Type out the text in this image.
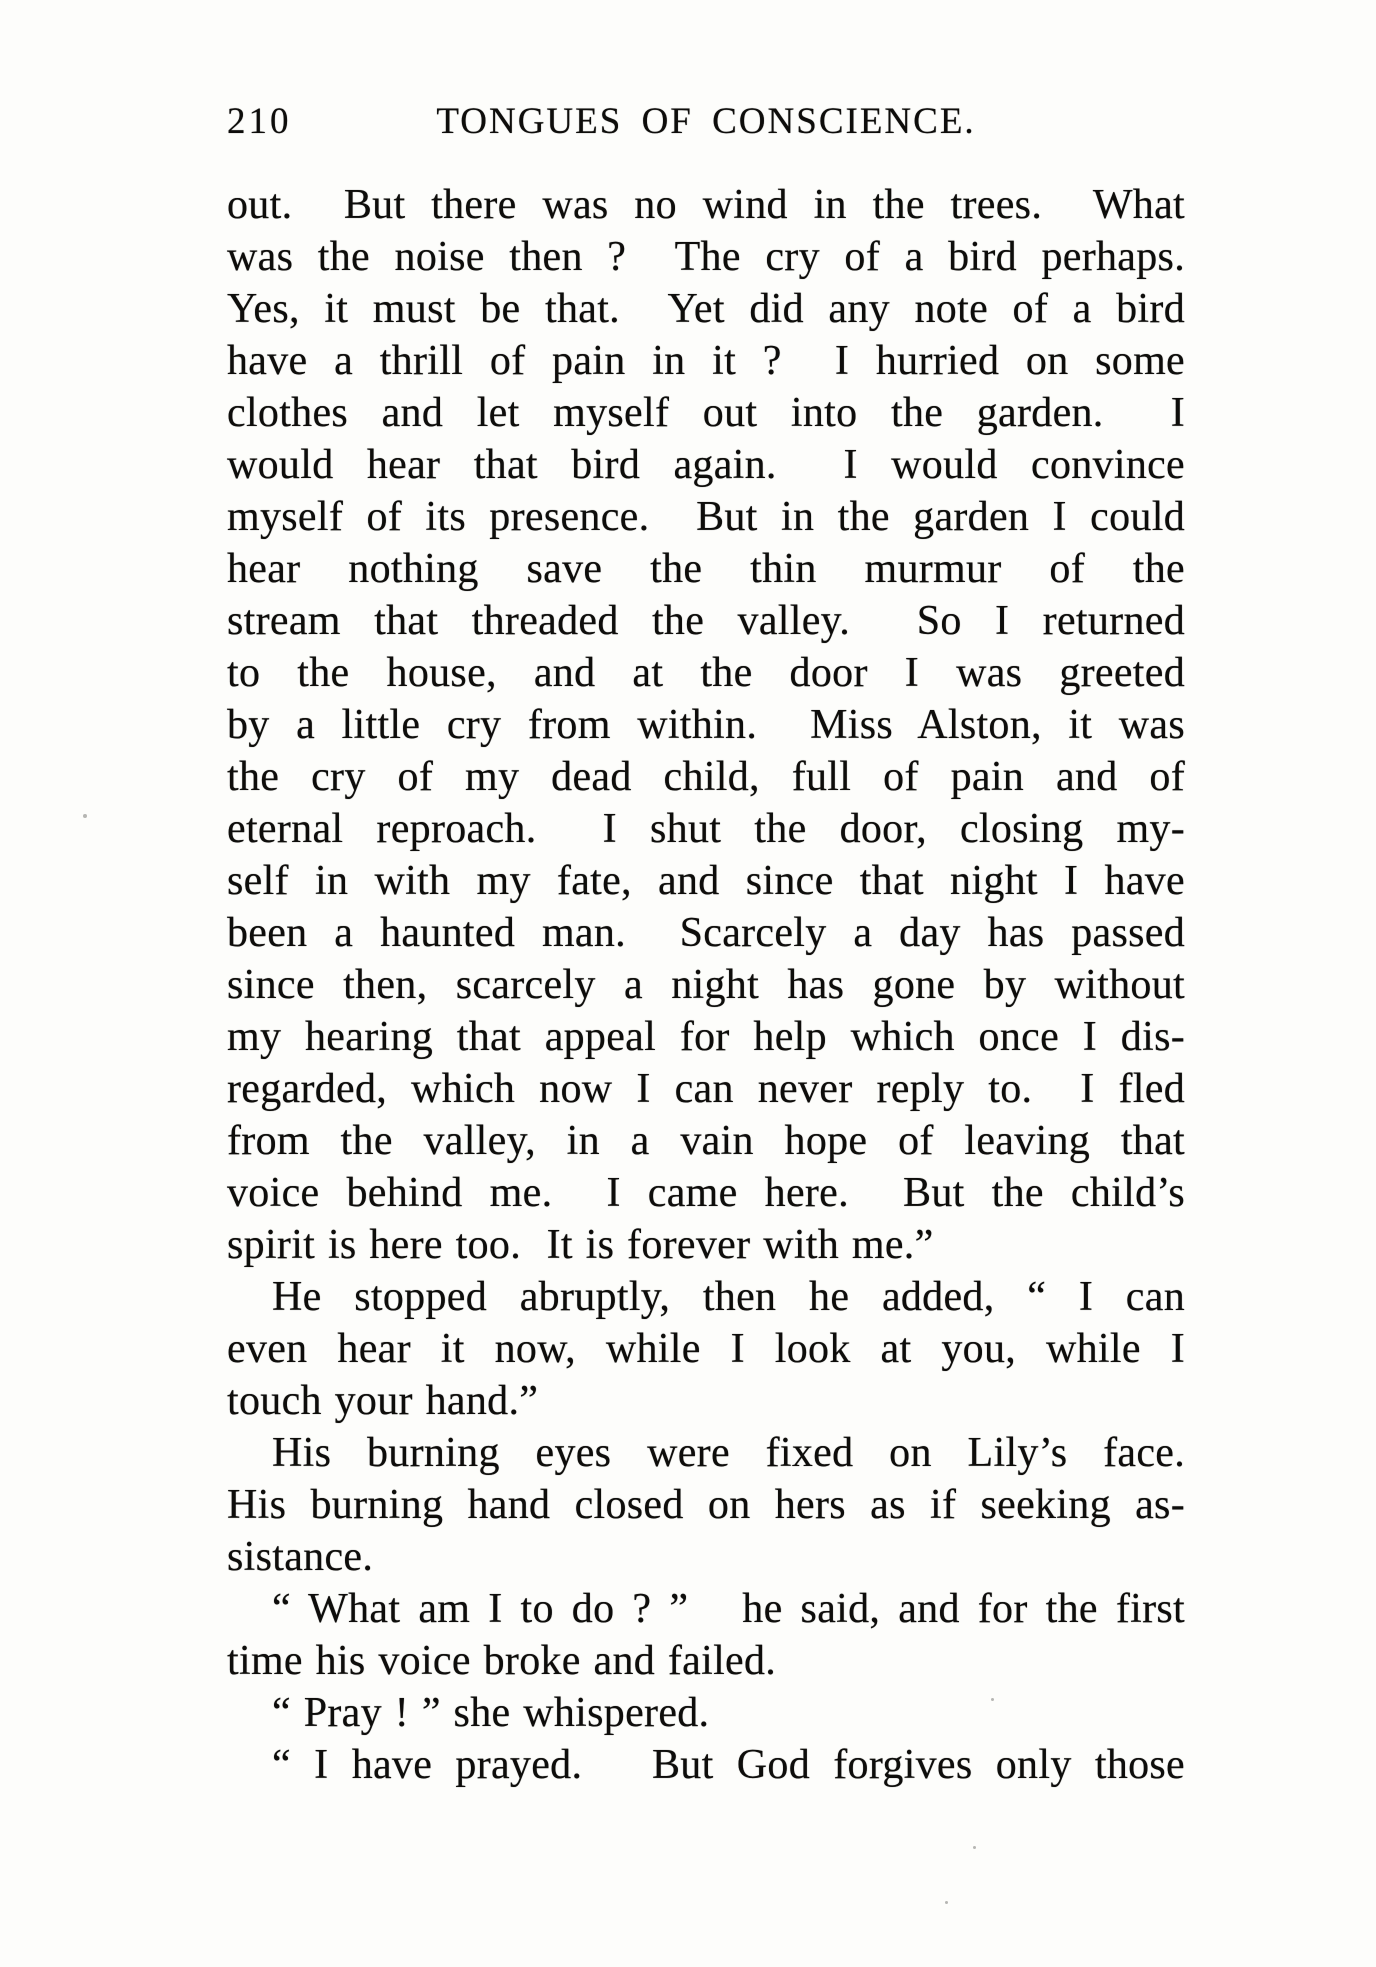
210	TONGUES OF CONSCIENCE.
out.  But there was no wind in the trees.  What
was the noise then ?  The cry of a bird perhaps.
Yes, it must be that.  Yet did any note of a bird
have a thrill of pain in it ?  I hurried on some
clothes and let myself out into the garden.  I
would hear that bird again.  I would convince
myself of its presence.  But in the garden I could
hear nothing save the thin murmur of the
stream that threaded the valley.  So I returned
to the house, and at the door I was greeted
by a little cry from within.  Miss Alston, it was
the cry of my dead child, full of pain and of
eternal reproach.  I shut the door, closing my-
self in with my fate, and since that night I have
been a haunted man.  Scarcely a day has passed
since then, scarcely a night has gone by without
my hearing that appeal for help which once I dis-
regarded, which now I can never reply to.  I fled
from the valley, in a vain hope of leaving that
voice behind me.  I came here.  But the child’s
spirit is here too.  It is forever with me.”
He stopped abruptly, then he added, “ I can
even hear it now, while I look at you, while I
touch your hand.”
His burning eyes were fixed on Lily’s face.
His burning hand closed on hers as if seeking as-
sistance.
“ What am I to do ? ”   he said, and for the first
time his voice broke and failed.
“ Pray ! ” she whispered.
“ I have prayed.   But God forgives only those
